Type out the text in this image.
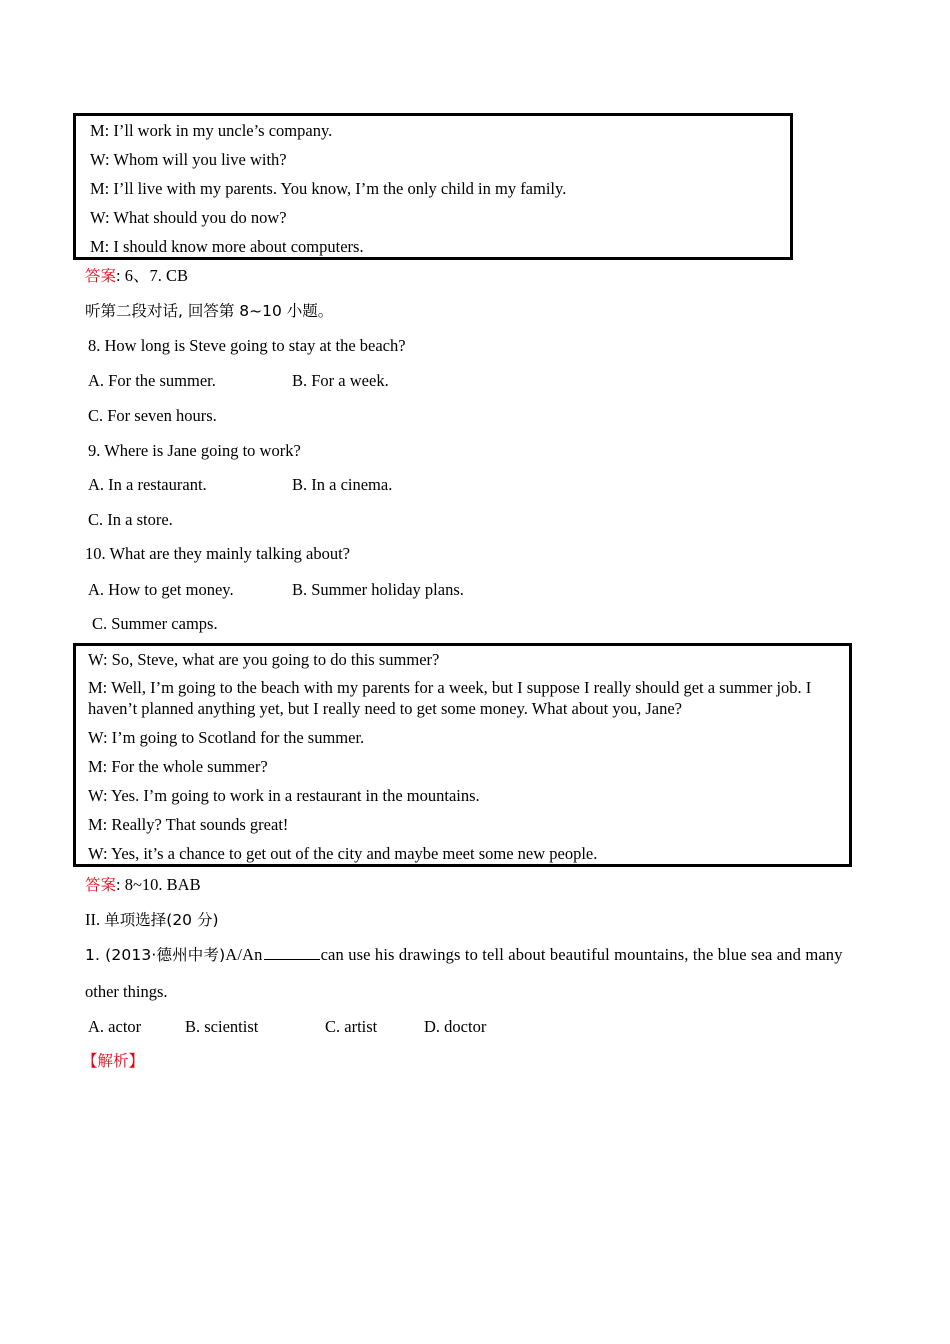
M: I’ll work in my uncle’s company.
W: Whom will you live with?
M: I’ll live with my parents. You know, I’m the only child in my family.
W: What should you do now?
M: I should know more about computers.
答案: 6、7. CB
听第二段对话, 回答第 8~10 小题。
8. How long is Steve going to stay at the beach?
A. For the summer.	B. For a week.
C. For seven hours.
9. Where is Jane going to work?
A. In a restaurant.	B. In a cinema.
C. In a store.
10. What are they mainly talking about?
A. How to get money.	B. Summer holiday plans.
C. Summer camps.
W: So, Steve, what are you going to do this summer?
M: Well, I’m going to the beach with my parents for a week, but I suppose I really should get a summer job. I haven’t planned anything yet, but I really need to get some money. What about you, Jane?
W: I’m going to Scotland for the summer.
M: For the whole summer?
W: Yes. I’m going to work in a restaurant in the mountains.
M: Really? That sounds great!
W: Yes, it’s a chance to get out of the city and maybe meet some new people.
答案: 8~10. BAB
II. 单项选择(20 分)
1. (2013·德州中考)A/An	can use his drawings to tell about beautiful mountains, the blue sea and many
other things.
A. actor	B. scientist	C. artist	D. doctor
【解析】
